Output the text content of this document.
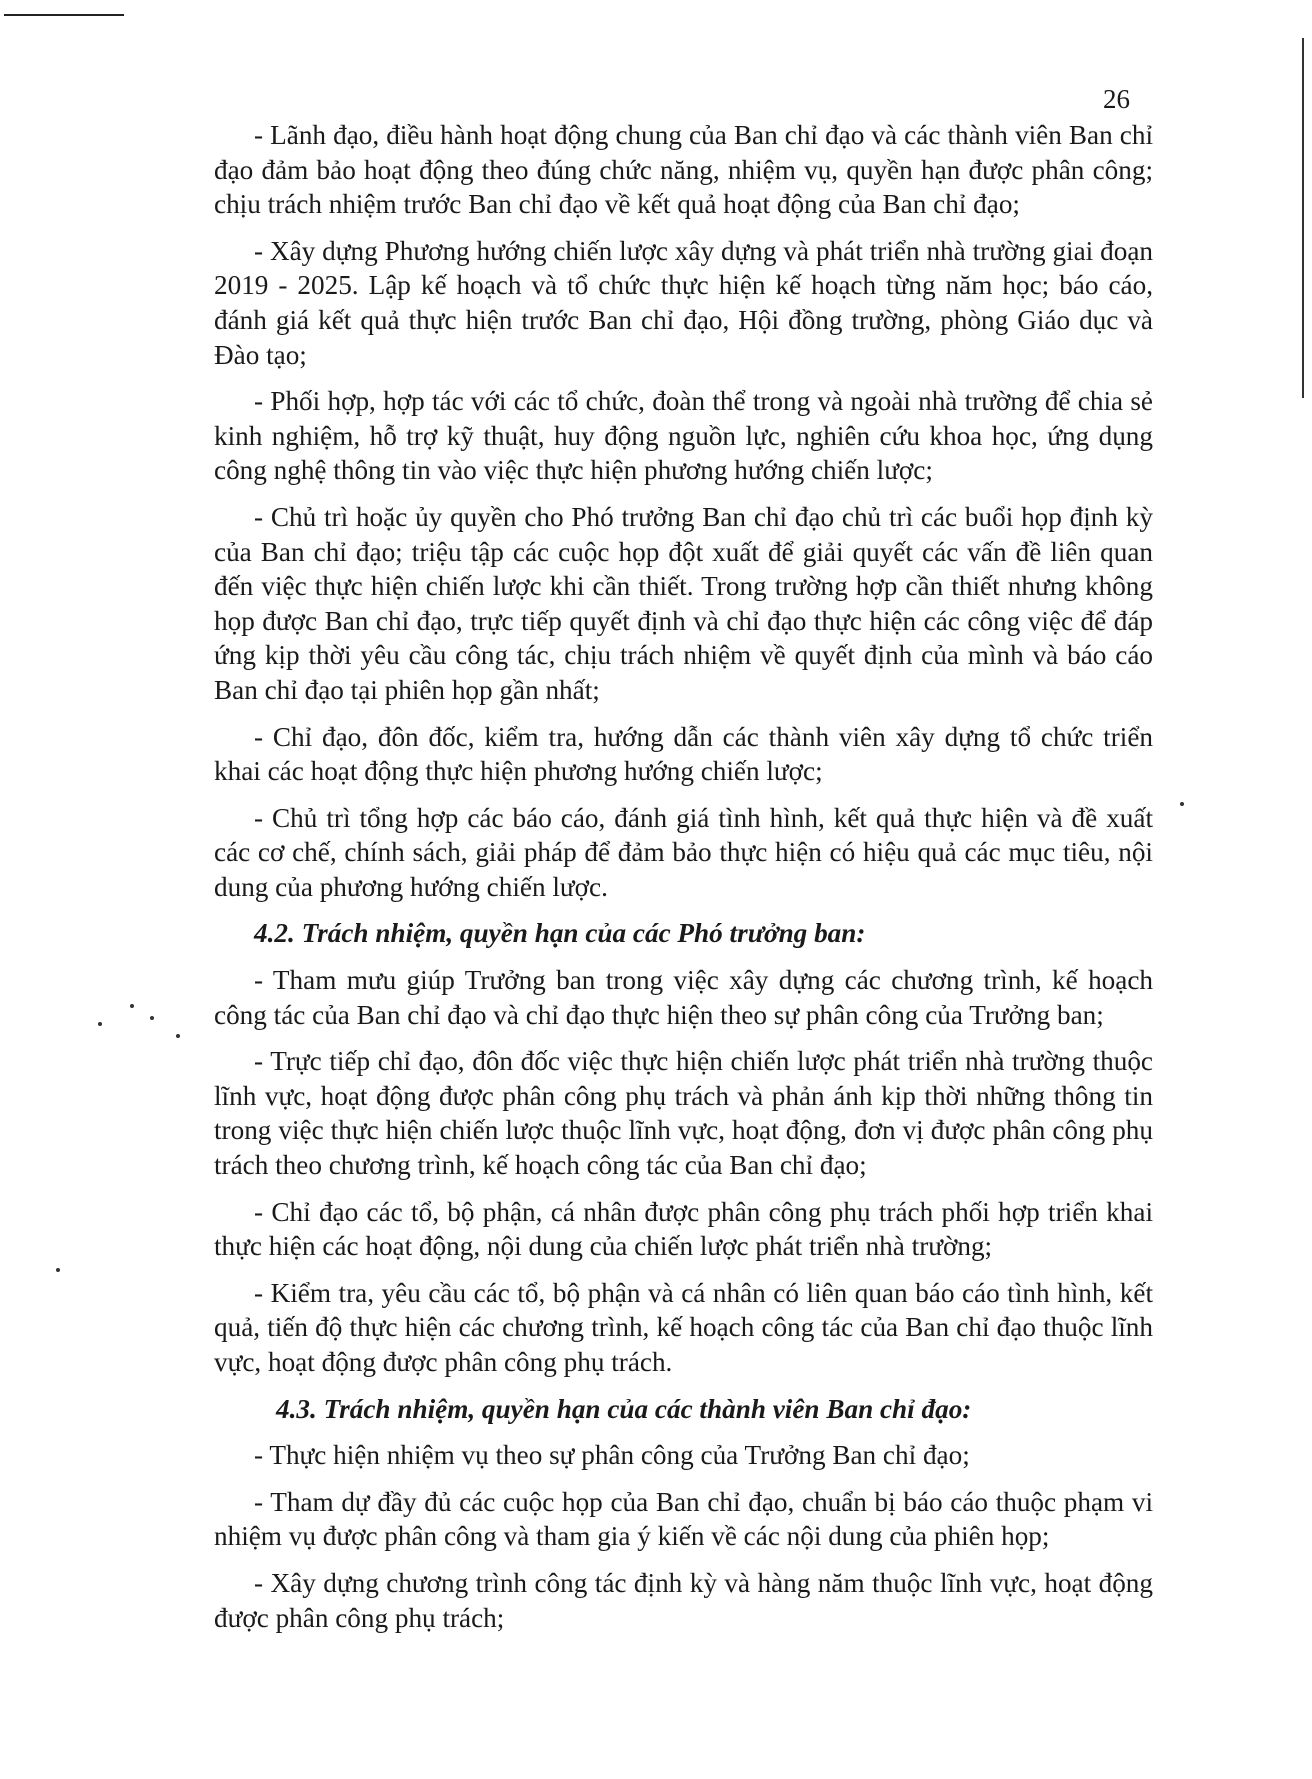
26

- Lãnh đạo, điều hành hoạt động chung của Ban chỉ đạo và các thành viên Ban chỉ đạo đảm bảo hoạt động theo đúng chức năng, nhiệm vụ, quyền hạn được phân công; chịu trách nhiệm trước Ban chỉ đạo về kết quả hoạt động của Ban chỉ đạo;

- Xây dựng Phương hướng chiến lược xây dựng và phát triển nhà trường giai đoạn 2019 - 2025. Lập kế hoạch và tổ chức thực hiện kế hoạch từng năm học; báo cáo, đánh giá kết quả thực hiện trước Ban chỉ đạo, Hội đồng trường, phòng Giáo dục và Đào tạo;

- Phối hợp, hợp tác với các tổ chức, đoàn thể trong và ngoài nhà trường để chia sẻ kinh nghiệm, hỗ trợ kỹ thuật, huy động nguồn lực, nghiên cứu khoa học, ứng dụng công nghệ thông tin vào việc thực hiện phương hướng chiến lược;

- Chủ trì hoặc ủy quyền cho Phó trưởng Ban chỉ đạo chủ trì các buổi họp định kỳ của Ban chỉ đạo; triệu tập các cuộc họp đột xuất để giải quyết các vấn đề liên quan đến việc thực hiện chiến lược khi cần thiết. Trong trường hợp cần thiết nhưng không họp được Ban chỉ đạo, trực tiếp quyết định và chỉ đạo thực hiện các công việc để đáp ứng kịp thời yêu cầu công tác, chịu trách nhiệm về quyết định của mình và báo cáo Ban chỉ đạo tại phiên họp gần nhất;

- Chỉ đạo, đôn đốc, kiểm tra, hướng dẫn các thành viên xây dựng tổ chức triển khai các hoạt động thực hiện phương hướng chiến lược;

- Chủ trì tổng hợp các báo cáo, đánh giá tình hình, kết quả thực hiện và đề xuất các cơ chế, chính sách, giải pháp để đảm bảo thực hiện có hiệu quả các mục tiêu, nội dung của phương hướng chiến lược.

4.2. Trách nhiệm, quyền hạn của các Phó trưởng ban:

- Tham mưu giúp Trưởng ban trong việc xây dựng các chương trình, kế hoạch công tác của Ban chỉ đạo và chỉ đạo thực hiện theo sự phân công của Trưởng ban;

- Trực tiếp chỉ đạo, đôn đốc việc thực hiện chiến lược phát triển nhà trường thuộc lĩnh vực, hoạt động được phân công phụ trách và phản ánh kịp thời những thông tin trong việc thực hiện chiến lược thuộc lĩnh vực, hoạt động, đơn vị được phân công phụ trách theo chương trình, kế hoạch công tác của Ban chỉ đạo;

- Chỉ đạo các tổ, bộ phận, cá nhân được phân công phụ trách phối hợp triển khai thực hiện các hoạt động, nội dung của chiến lược phát triển nhà trường;

- Kiểm tra, yêu cầu các tổ, bộ phận và cá nhân có liên quan báo cáo tình hình, kết quả, tiến độ thực hiện các chương trình, kế hoạch công tác của Ban chỉ đạo thuộc lĩnh vực, hoạt động được phân công phụ trách.

4.3. Trách nhiệm, quyền hạn của các thành viên Ban chỉ đạo:

- Thực hiện nhiệm vụ theo sự phân công của Trưởng Ban chỉ đạo;

- Tham dự đầy đủ các cuộc họp của Ban chỉ đạo, chuẩn bị báo cáo thuộc phạm vi nhiệm vụ được phân công và tham gia ý kiến về các nội dung của phiên họp;

- Xây dựng chương trình công tác định kỳ và hàng năm thuộc lĩnh vực, hoạt động được phân công phụ trách;
